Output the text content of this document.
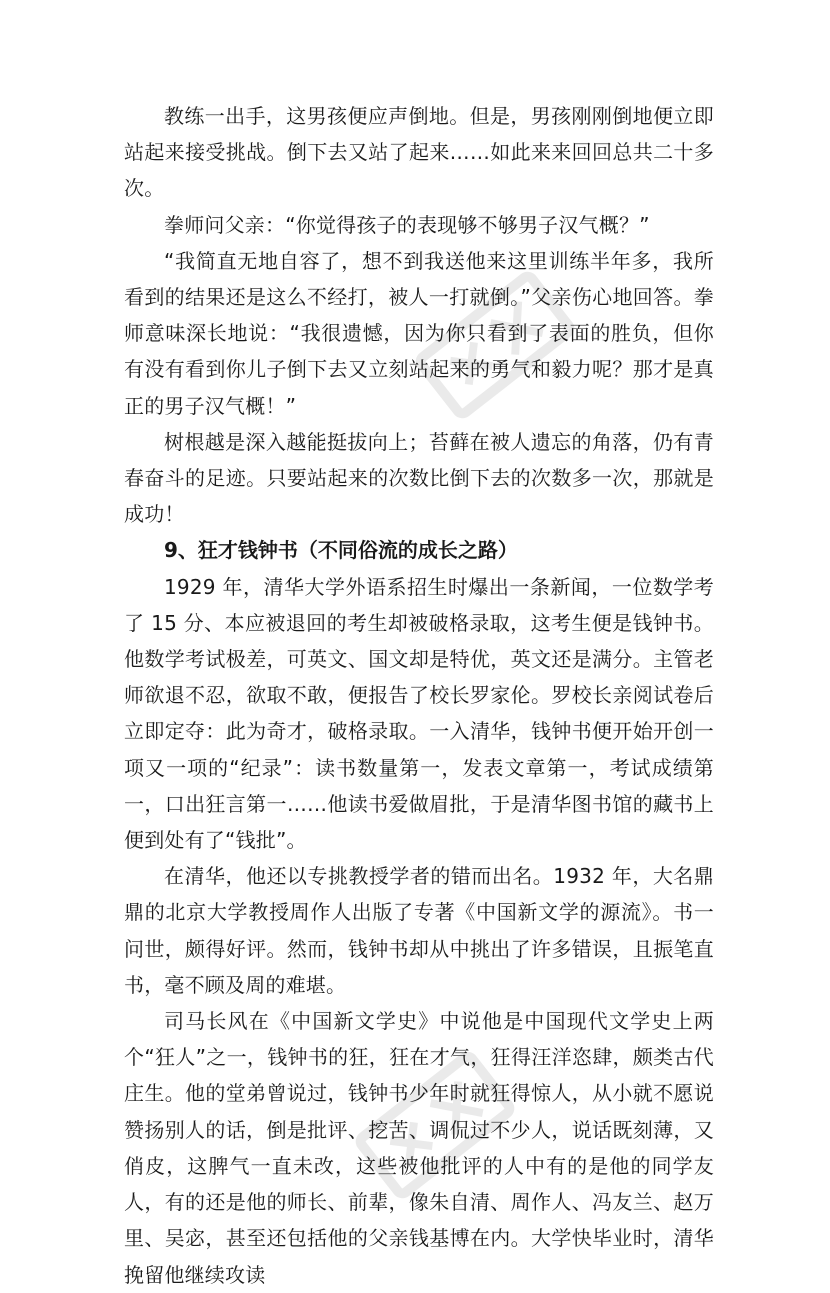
教练一出手，这男孩便应声倒地。但是，男孩刚刚倒地便立即站起来接受挑战。倒下去又站了起来……如此来来回回总共二十多次。

拳师问父亲：“你觉得孩子的表现够不够男子汉气概？”

“我简直无地自容了，想不到我送他来这里训练半年多，我所看到的结果还是这么不经打，被人一打就倒。”父亲伤心地回答。拳师意味深长地说：“我很遗憾，因为你只看到了表面的胜负，但你有没有看到你儿子倒下去又立刻站起来的勇气和毅力呢？那才是真正的男子汉气概！”

树根越是深入越能挺拔向上；苔藓在被人遗忘的角落，仍有青春奋斗的足迹。只要站起来的次数比倒下去的次数多一次，那就是成功！

9、狂才钱钟书（不同俗流的成长之路）

1929 年，清华大学外语系招生时爆出一条新闻，一位数学考了 15 分、本应被退回的考生却被破格录取，这考生便是钱钟书。他数学考试极差，可英文、国文却是特优，英文还是满分。主管老师欲退不忍，欲取不敢，便报告了校长罗家伦。罗校长亲阅试卷后立即定夺：此为奇才，破格录取。一入清华，钱钟书便开始开创一项又一项的“纪录”：读书数量第一，发表文章第一，考试成绩第一，口出狂言第一……他读书爱做眉批，于是清华图书馆的藏书上便到处有了“钱批”。

在清华，他还以专挑教授学者的错而出名。1932 年，大名鼎鼎的北京大学教授周作人出版了专著《中国新文学的源流》。书一问世，颇得好评。然而，钱钟书却从中挑出了许多错误，且振笔直书，毫不顾及周的难堪。

司马长风在《中国新文学史》中说他是中国现代文学史上两个“狂人”之一，钱钟书的狂，狂在才气，狂得汪洋恣肆，颇类古代庄生。他的堂弟曾说过，钱钟书少年时就狂得惊人，从小就不愿说赞扬别人的话，倒是批评、挖苦、调侃过不少人，说话既刻薄，又俏皮，这脾气一直未改，这些被他批评的人中有的是他的同学友人，有的还是他的师长、前辈，像朱自清、周作人、冯友兰、赵万里、吴宓，甚至还包括他的父亲钱基博在内。大学快毕业时，清华挽留他继续攻读
